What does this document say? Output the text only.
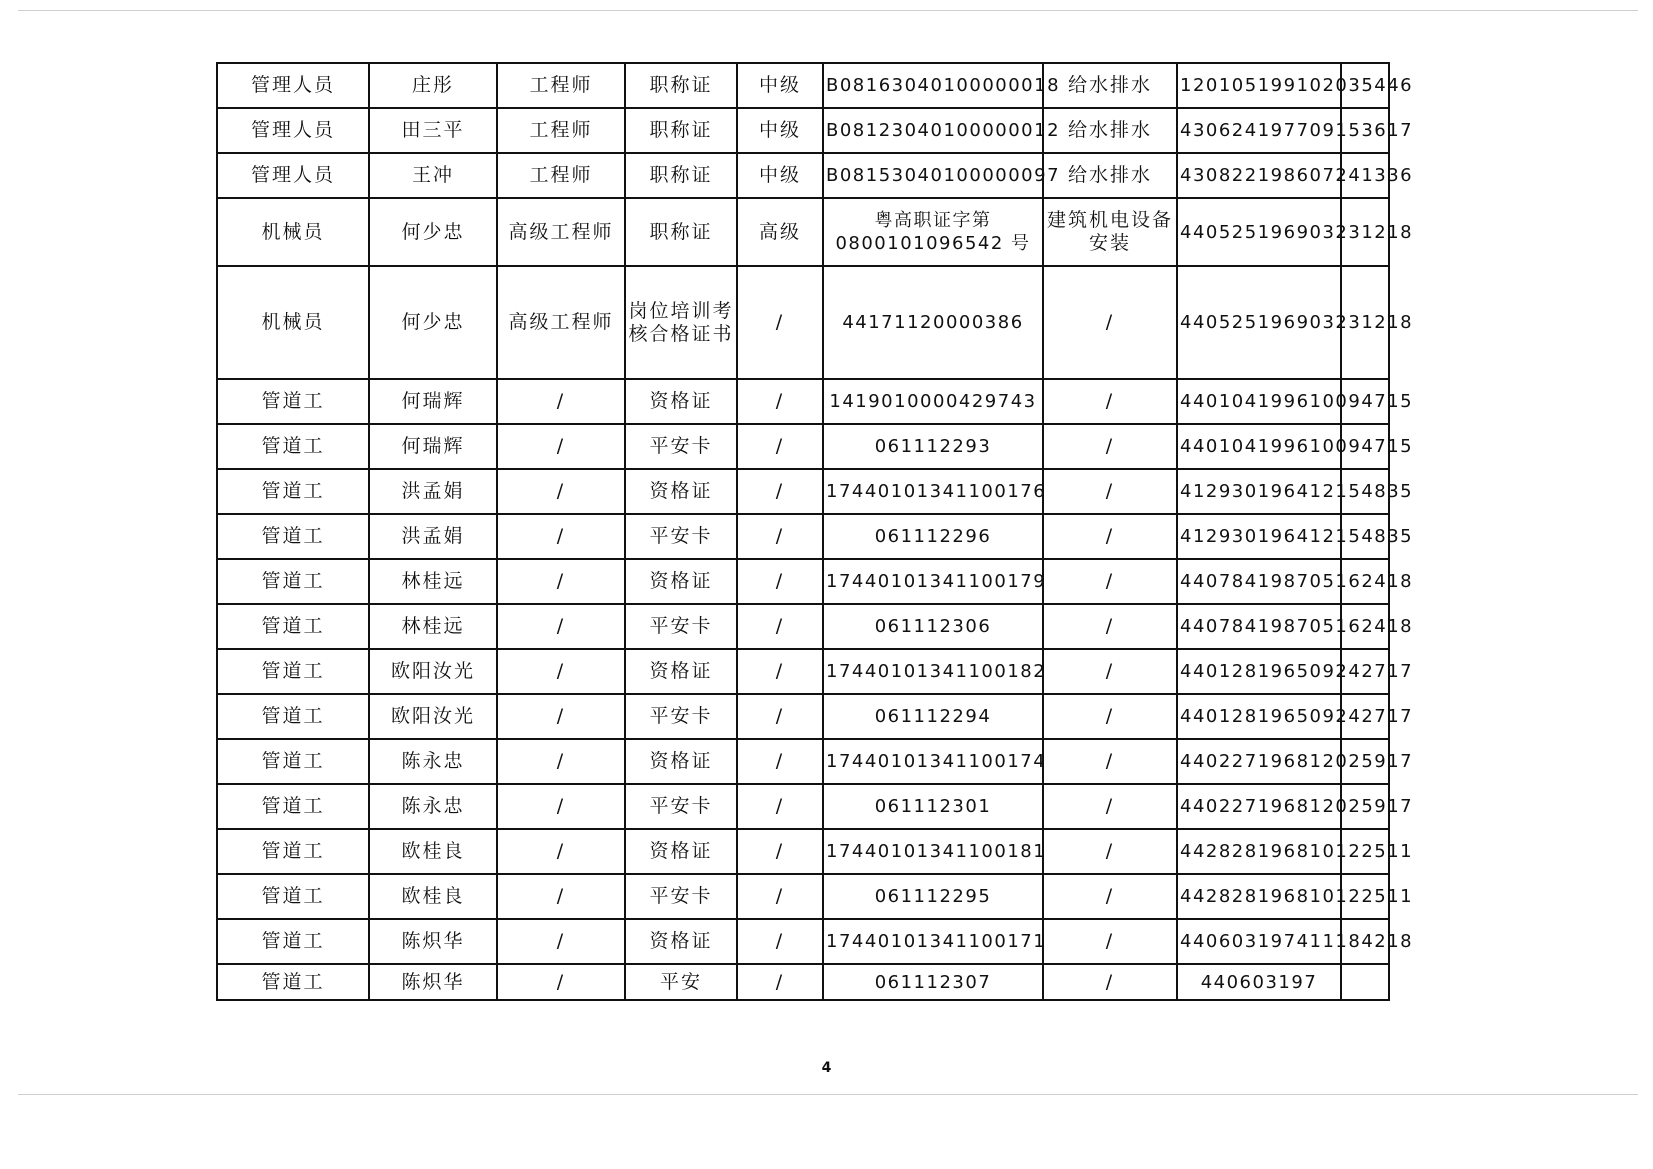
管理人员	庄彤	工程师	职称证	中级	B08163040100000018	给水排水	120105199102035446	
管理人员	田三平	工程师	职称证	中级	B08123040100000012	给水排水	430624197709153617	
管理人员	王冲	工程师	职称证	中级	B08153040100000097	给水排水	430822198607241336	
机械员	何少忠	高级工程师	职称证	高级	粤高职证字第0800101096542 号	建筑机电设备安装	440525196903231218	
机械员	何少忠	高级工程师	岗位培训考核合格证书	/	44171120000386	/	440525196903231218	
管道工	何瑞辉	/	资格证	/	1419010000429743	/	440104199610094715	
管道工	何瑞辉	/	平安卡	/	061112293	/	440104199610094715	
管道工	洪孟娟	/	资格证	/	17440101341100176	/	412930196412154835	
管道工	洪孟娟	/	平安卡	/	061112296	/	412930196412154835	
管道工	林桂远	/	资格证	/	17440101341100179	/	440784198705162418	
管道工	林桂远	/	平安卡	/	061112306	/	440784198705162418	
管道工	欧阳汝光	/	资格证	/	17440101341100182	/	440128196509242717	
管道工	欧阳汝光	/	平安卡	/	061112294	/	440128196509242717	
管道工	陈永忠	/	资格证	/	17440101341100174	/	440227196812025917	
管道工	陈永忠	/	平安卡	/	061112301	/	440227196812025917	
管道工	欧桂良	/	资格证	/	17440101341100181	/	442828196810122511	
管道工	欧桂良	/	平安卡	/	061112295	/	442828196810122511	
管道工	陈炽华	/	资格证	/	17440101341100171	/	440603197411184218	
管道工	陈炽华	/	平安	/	061112307	/	440603197	
4
